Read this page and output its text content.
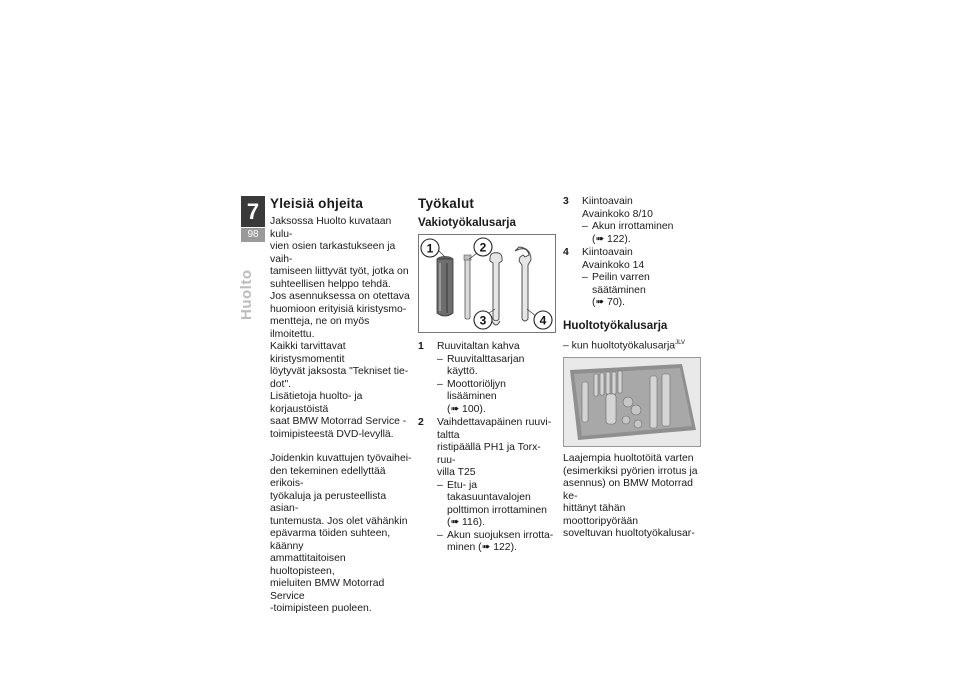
7
98
Huolto
Yleisiä ohjeita

Jaksossa Huolto kuvataan kulu-

vien osien tarkastukseen ja vaih-

tamiseen liittyvät työt, jotka on

suhteellisen helppo tehdä.

Jos asennuksessa on otettava

huomioon erityisiä kiristysmo-

mentteja, ne on myös ilmoitettu.

Kaikki tarvittavat kiristysmomentit

löytyvät jaksosta "Tekniset tie-

dot".

Lisätietoja huolto- ja korjaustöistä

saat BMW Motorrad Service -

toimipisteestä DVD-levyllä.

Joidenkin kuvattujen työvaihei-

den tekeminen edellyttää erikois-

työkaluja ja perusteellista asian-

tuntemusta. Jos olet vähänkin

epävarma töiden suhteen, käänny

ammattitaitoisen huoltopisteen,

mieluiten BMW Motorrad Service

-toimipisteen puoleen.

Työkalut
Vakiotyökalusarja
1	2
3	4
1	Ruuvitaltan kahva

– Ruuvitalttasarjan käyttö.

– Moottoriöljyn lisääminen

(➠ 100).

2	Vaihdettavapäinen ruuvi-

taltta

ristipäällä PH1 ja Torx-ruu-

villa T25

– Etu- ja takasuuntavalojen

polttimon irrottaminen

(➠ 116).

– Akun suojuksen irrotta-

minen (➠ 122).

3	Kiintoavain

Avainkoko 8/10

– Akun irrottaminen

(➠ 122).

4	Kiintoavain

Avainkoko 14

– Peilin varren säätäminen

(➠ 70).

Huoltotyökalusarja

– kun huoltotyökalusarja$^{JLV}$

Laajempia huoltotöitä varten

(esimerkiksi pyörien irrotus ja

asennus) on BMW Motorrad ke-

hittänyt tähän moottoripyörään

soveltuvan huoltotyökalusar-
